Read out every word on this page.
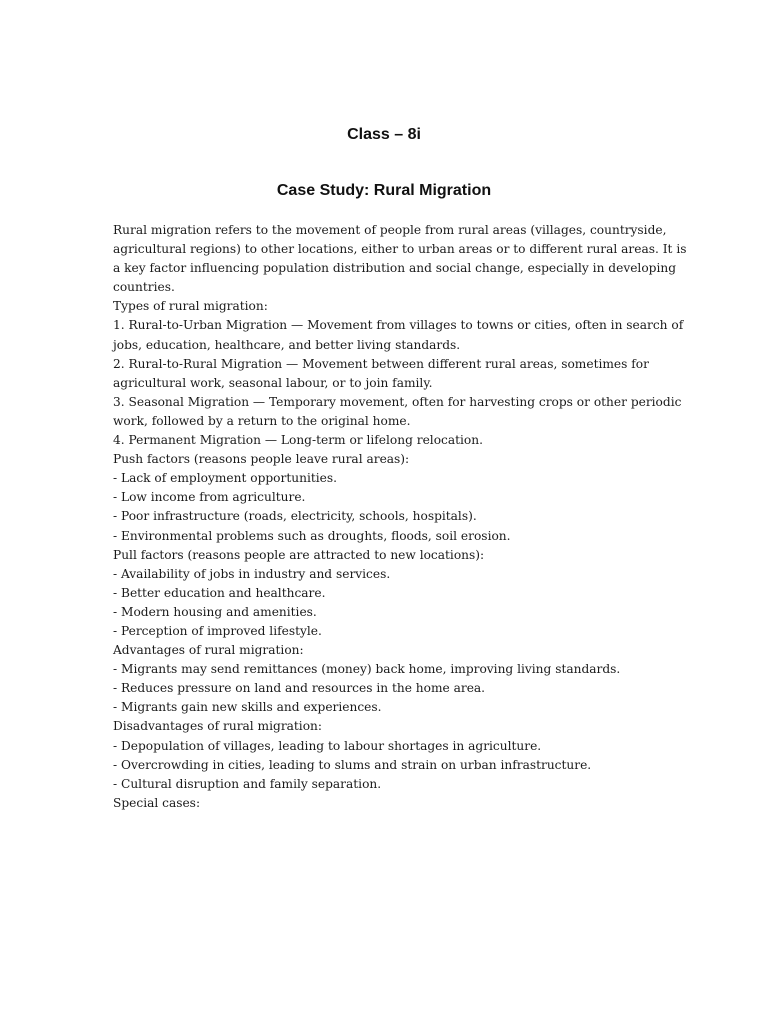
Class – 8i
Case Study: Rural Migration

Rural migration refers to the movement of people from rural areas (villages, countryside,
agricultural regions) to other locations, either to urban areas or to different rural areas. It is
a key factor influencing population distribution and social change, especially in developing
countries.

Types of rural migration:
1. Rural-to-Urban Migration — Movement from villages to towns or cities, often in search of
jobs, education, healthcare, and better living standards.
2. Rural-to-Rural Migration — Movement between different rural areas, sometimes for
agricultural work, seasonal labour, or to join family.
3. Seasonal Migration — Temporary movement, often for harvesting crops or other periodic
work, followed by a return to the original home.
4. Permanent Migration — Long-term or lifelong relocation.

Push factors (reasons people leave rural areas):
- Lack of employment opportunities.
- Low income from agriculture.
- Poor infrastructure (roads, electricity, schools, hospitals).
- Environmental problems such as droughts, floods, soil erosion.

Pull factors (reasons people are attracted to new locations):
- Availability of jobs in industry and services.
- Better education and healthcare.
- Modern housing and amenities.
- Perception of improved lifestyle.

Advantages of rural migration:
- Migrants may send remittances (money) back home, improving living standards.
- Reduces pressure on land and resources in the home area.
- Migrants gain new skills and experiences.

Disadvantages of rural migration:
- Depopulation of villages, leading to labour shortages in agriculture.
- Overcrowding in cities, leading to slums and strain on urban infrastructure.
- Cultural disruption and family separation.

Special cases:
